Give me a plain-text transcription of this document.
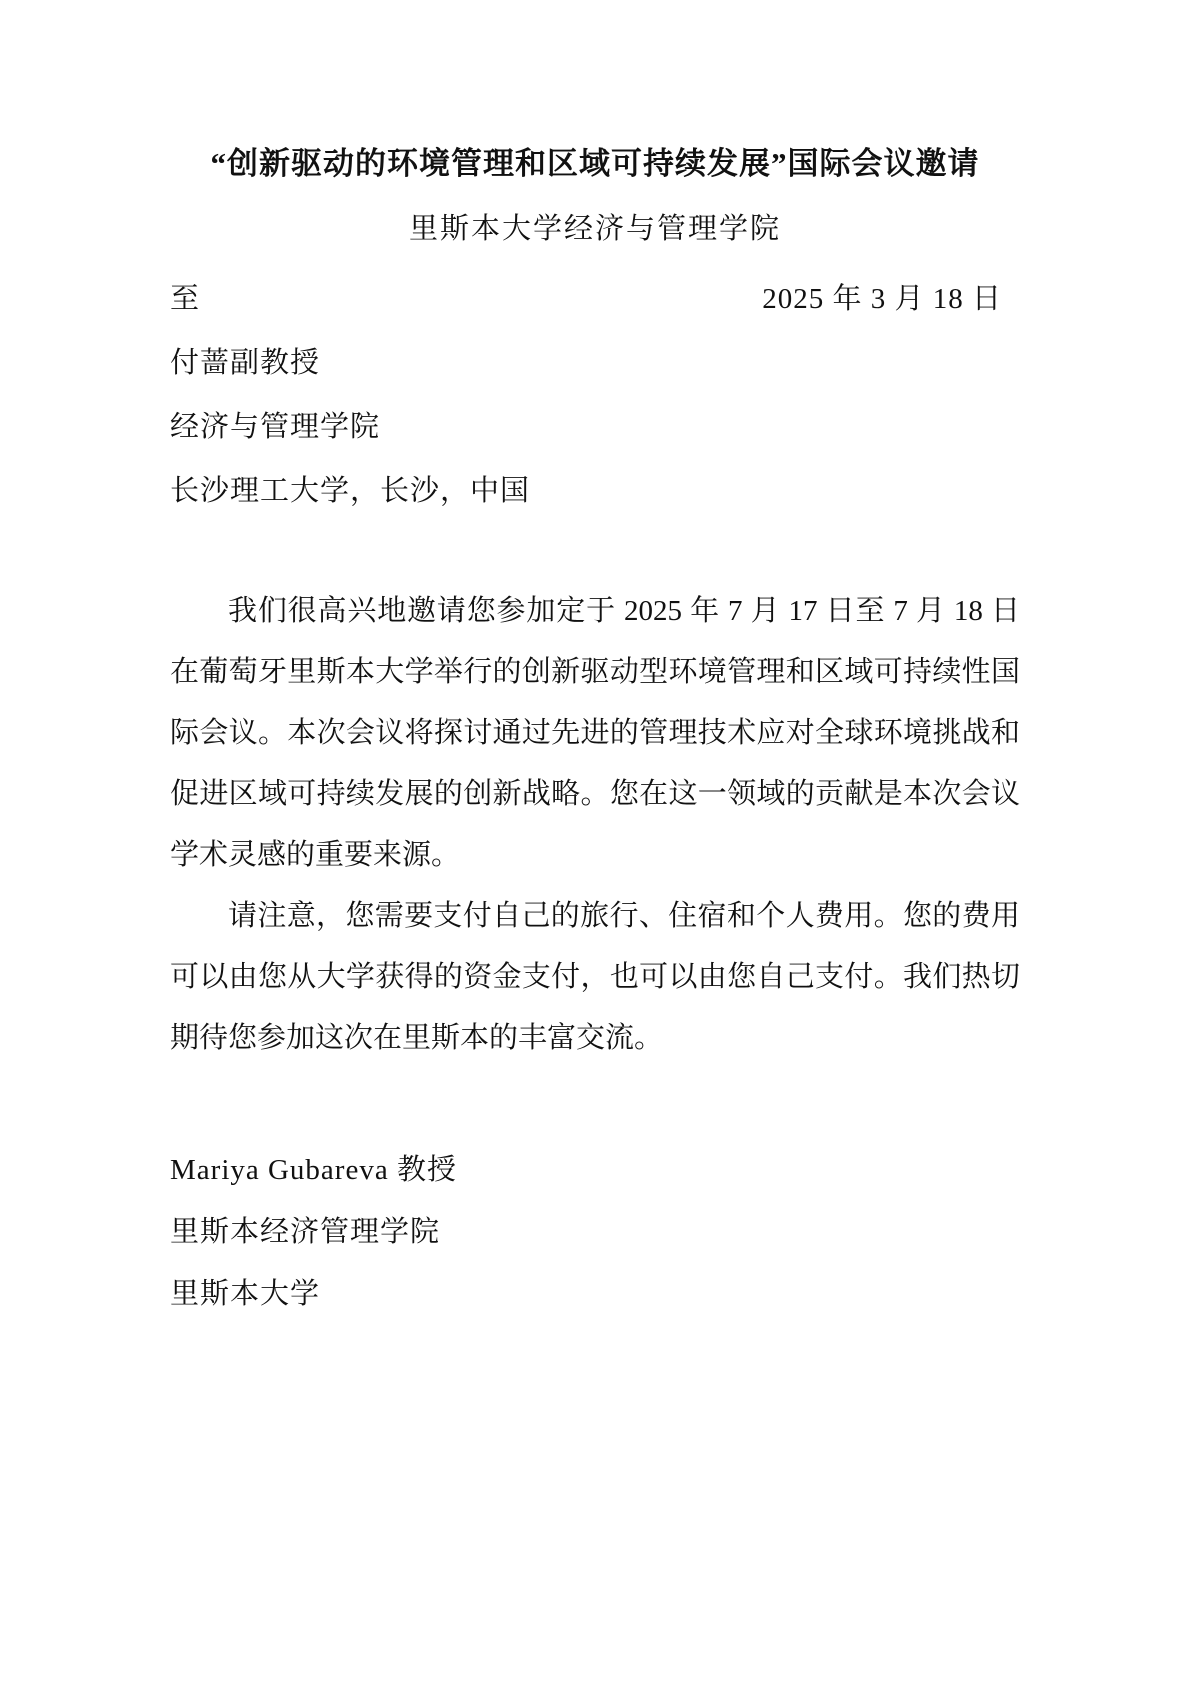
“创新驱动的环境管理和区域可持续发展”国际会议邀请
里斯本大学经济与管理学院
至	2025 年 3 月 18 日
付蔷副教授
经济与管理学院
长沙理工大学，长沙，中国

我们很高兴地邀请您参加定于 2025 年 7 月 17 日至 7 月 18 日在葡萄牙里斯本大学举行的创新驱动型环境管理和区域可持续性国际会议。本次会议将探讨通过先进的管理技术应对全球环境挑战和促进区域可持续发展的创新战略。您在这一领域的贡献是本次会议学术灵感的重要来源。

请注意，您需要支付自己的旅行、住宿和个人费用。您的费用可以由您从大学获得的资金支付，也可以由您自己支付。我们热切期待您参加这次在里斯本的丰富交流。

Mariya Gubareva 教授
里斯本经济管理学院
里斯本大学
